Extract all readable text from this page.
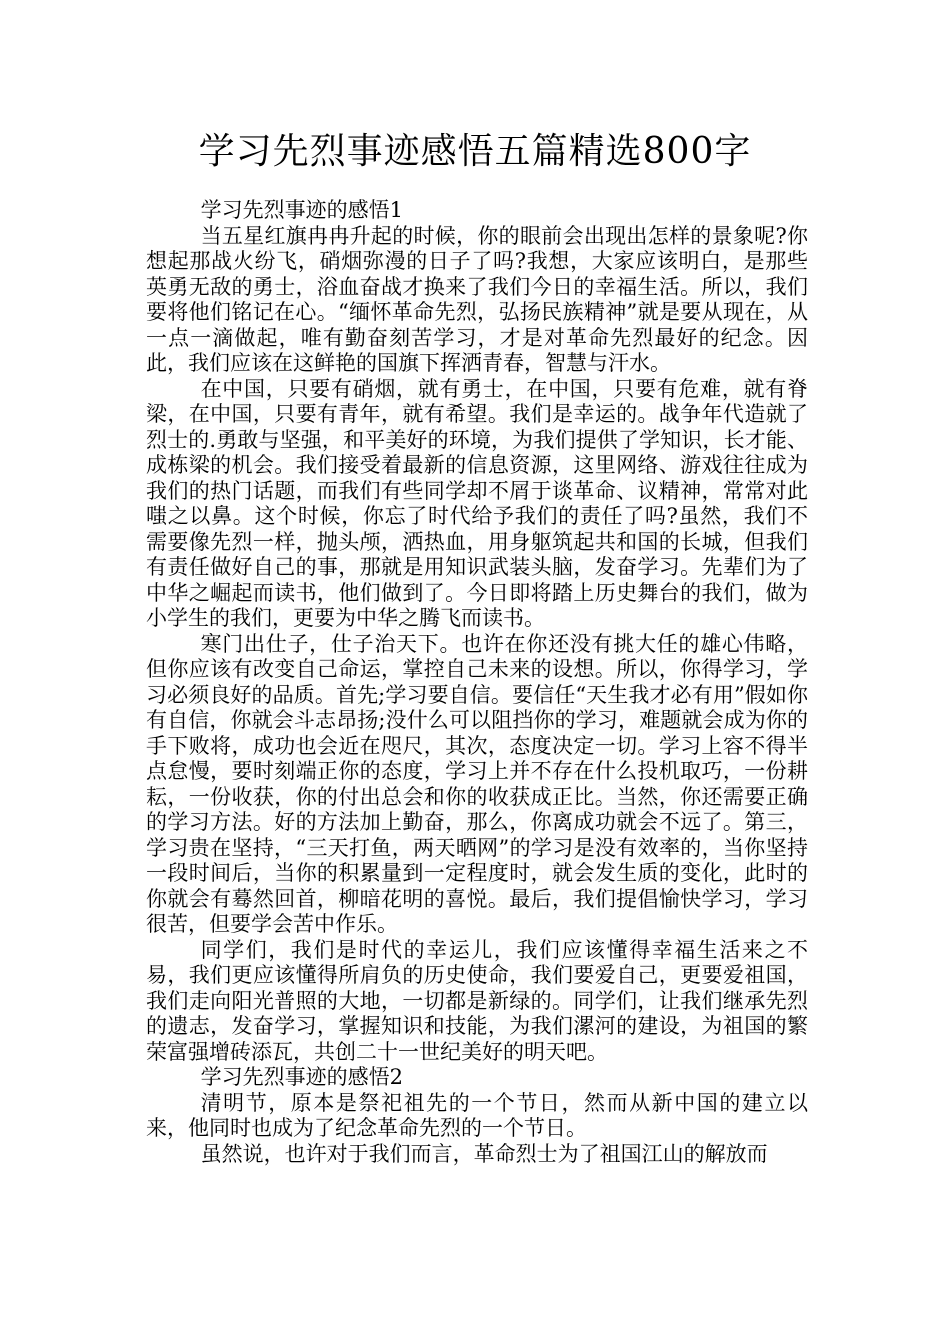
学习先烈事迹感悟五篇精选800字

学习先烈事迹的感悟1

当五星红旗冉冉升起的时候，你的眼前会出现出怎样的景象呢?你想起那战火纷飞，硝烟弥漫的日子了吗?我想，大家应该明白，是那些英勇无敌的勇士，浴血奋战才换来了我们今日的幸福生活。所以，我们要将他们铭记在心。“缅怀革命先烈，弘扬民族精神”就是要从现在，从一点一滴做起，唯有勤奋刻苦学习，才是对革命先烈最好的纪念。因此，我们应该在这鲜艳的国旗下挥洒青春，智慧与汗水。

在中国，只要有硝烟，就有勇士，在中国，只要有危难，就有脊梁，在中国，只要有青年，就有希望。我们是幸运的。战争年代造就了烈士的.勇敢与坚强，和平美好的环境，为我们提供了学知识，长才能、成栋梁的机会。我们接受着最新的信息资源，这里网络、游戏往往成为我们的热门话题，而我们有些同学却不屑于谈革命、议精神，常常对此嗤之以鼻。这个时候，你忘了时代给予我们的责任了吗?虽然，我们不需要像先烈一样，抛头颅，洒热血，用身躯筑起共和国的长城，但我们有责任做好自己的事，那就是用知识武装头脑，发奋学习。先辈们为了中华之崛起而读书，他们做到了。今日即将踏上历史舞台的我们，做为小学生的我们，更要为中华之腾飞而读书。

寒门出仕子，仕子治天下。也许在你还没有挑大任的雄心伟略，但你应该有改变自己命运，掌控自己未来的设想。所以，你得学习，学习必须良好的品质。首先;学习要自信。要信任“天生我才必有用”假如你有自信，你就会斗志昂扬;没什么可以阻挡你的学习，难题就会成为你的手下败将，成功也会近在咫尺，其次，态度决定一切。学习上容不得半点怠慢，要时刻端正你的态度，学习上并不存在什么投机取巧，一份耕耘，一份收获，你的付出总会和你的收获成正比。当然，你还需要正确的学习方法。好的方法加上勤奋，那么，你离成功就会不远了。第三，学习贵在坚持，“三天打鱼，两天晒网”的学习是没有效率的，当你坚持一段时间后，当你的积累量到一定程度时，就会发生质的变化，此时的你就会有蓦然回首，柳暗花明的喜悦。最后，我们提倡愉快学习，学习很苦，但要学会苦中作乐。

同学们，我们是时代的幸运儿，我们应该懂得幸福生活来之不易，我们更应该懂得所肩负的历史使命，我们要爱自己，更要爱祖国，我们走向阳光普照的大地，一切都是新绿的。同学们，让我们继承先烈的遗志，发奋学习，掌握知识和技能，为我们漯河的建设，为祖国的繁荣富强增砖添瓦，共创二十一世纪美好的明天吧。

学习先烈事迹的感悟2

清明节，原本是祭祀祖先的一个节日，然而从新中国的建立以来，他同时也成为了纪念革命先烈的一个节日。

虽然说，也许对于我们而言，革命烈士为了祖国江山的解放而
